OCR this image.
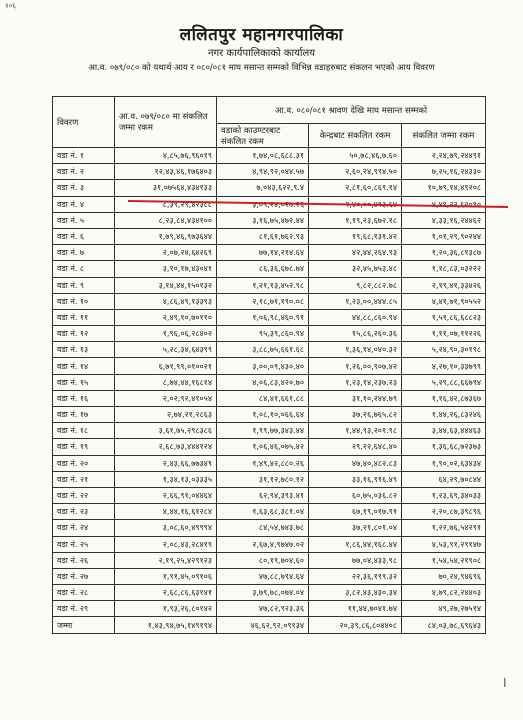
१०६
ललितपुर महानगरपालिका
नगर कार्यपालिकाको कार्यालय
आ.व. ०७९/०८० को यथार्थ आय र ०८०/०८१ माघ मसान्त सम्मको विभिन्न वडाहरुबाट संकलन भएको आय विवरण
विवरण	आ.व. ०७९/०८० मा संकलित जम्मा रकम	आ.व. ०८०/०८१ श्रावण देखि माघ मसान्त सम्मको		
		वडाको काउण्टरबाट संकलित रकम	केन्द्रबाट संकलित रकम	संकलित जम्मा रकम
वडा नं. १	४,८५,७६,९६०१९	१,७४,०८,६८८.३१	५०,७८,४६,७.६०	२,२४,७९,२४४९१
वडा नं. २	१२,४३,४६,१७६४०३	४,९४,९२,०४४.५७	२,६०,२४,९९४.५०	७,२५,१६,२४३३०
वडा नं. ३	३१,०७५६४,४३४१३३	७,०४३,६२२,९.४	२,८१,६०,८६९.१४	१०,७९,१४,४९२०८
वडा नं. ४	८,३९,२९,४२३८८	३,०९,२४,०२७.२६	१,४०,००,४९३.६४	४,४९,२२,६२०९०
वडा नं. ५	८,२३,८४,४३४१००	३,१६,७५,४७२.४४	१,१९,२३,६७२.१८	४,३३,१६,२४४६२
वडा नं. ६	१,७९,४६,९७३६४४	८१,६१,७६२.९३	१९,६८,१३१.४२	१,०१,२९,९०२४४
वडा नं. ७	२,०७,२४,६४२६९	७७,१४,२१४.६४	४२,४४,२६४.९३	१,२०,३६,८१३८७
वडा नं. ८	३,१०,१७,४३०४१	८६,३६,६७८.७४	३२,४५,७५३.४८	१,१८,८३,०३२२२
वडा नं. ९	३,१४,४४,१५०१३२	१,२१,१३,४५२.९८	९,८२,८८२.७८	२,१९,४१,३३४२६
वडा नं. १०	४,८६,४९,१३३९३	२,१८,७१,१९०.०८	१,२३,००,४४४.८५	४,४१,७१,९०५५२
वडा नं. ११	२,४९,१०,७०११०	१,०६,९८,४६०.९१	४४,८८,८६०.९४	१,५१,८६,६८८२३
वडा नं. १२	१,९६,०६,२८४०२	९५,३९,८६०.९४	१५,८६,२६०.३६	१,११,०७,११२२६
वडा नं. १३	५,२८,३४,६४३९९	३,८८,७५,६६१.६८	१,३६,१४,०४०.३२	५,२४,९०,३०१९८
वडा नं. १४	६,७१,९९,०१००२१	३,००,०९,४३०.४०	१,२६,००,९०७.४२	४,२७,१०,३३७९९
वडा नं. १५	८,७४,४४,१६८१४	४,०६,८३,४२०.७०	१,२३,१४,२३७.२३	५,२९,८८,६६७९४
वडा नं. १६	२,०२,९२,४१०५४	८४,४१,६६१.८८	३१,१०,२४४.७९	१,१६,४२,८७३६७
वडा नं. १७	२,७४,२१,२८६३	१,०८,१०,०६६.६४	३७,२६,७६५.८२	१,४४,२६,८३२४६
वडा नं. १८	३,६१,७५,२९८३८६	१,९९,७७,३४३.४४	१,४४,९३,२०१.९८	३,४४,६३,४४४६३
वडा नं. १९	२,६८,७३,४४४१२४	१,०६,४६,०७५.४२	२९,२२,६४८.४०	१,३६,६८,७२३७३
वडा नं. २०	२,४३,६६,७७३४९	१,४९,४२,८८०.२६	४७,४०,४८२.८३	१,९०,०२,६३४३४
वडा नं. २१	१,३४,१३,०३३३५	३१,१२,७८०.१२	३३,१६,९१६.४९	६४,२९,७०८४४
वडा नं. २२	२,६६,९१,०४४६४	६२,९४,३९३.४१	६०,७५,०३६.८२	१,२३,६९,३४०३३
वडा नं. २३	४,४४,१६,६१२८४	१,६३,६८,३८१.०४	६७,१९,०१७.९१	२,२०,८७,३९८९६
वडा नं. २४	३,०८,६०,४९९९४	८४,५४,७४३.७८	३७,२१,८०१.०४	१,२२,७६,५४२९१
वडा नं. २५	२,०८,४३,२८४१९	२,६७,४,९७४७.०२	१,८६,४४,१६८.४४	४,५३,९१,२९१४७
वडा नं. २६	२,१९,२५,४२९१२३	८०,१९,७०४,६०	७७,०४,४३३.९८	१,५४,५४,२१९०८
वडा नं. २७	१,९१,४५,०९१०६	४७,८८,७९४.६४	२२,३६,१९९.३२	७०,२४,९४६९६
वडा नं. २८	२,६८,८६,६३१४१	३,७९,७८,०७४.०४	३,८२,४३,४३०.३४	४,७९,८२,२४४०३
वडा नं. २९	१,९३,२६,८०१४२	४७,८२,९२३.३६	११,४४,७०४१.७४	४९,२७,२७५१४
जम्मा	१,४३,९४,७५,१४९१९४	४६,६२,९२,०९१३४	२०,३९,८६,८०४४०८	८४,०३,७८,६९६४३
ı
